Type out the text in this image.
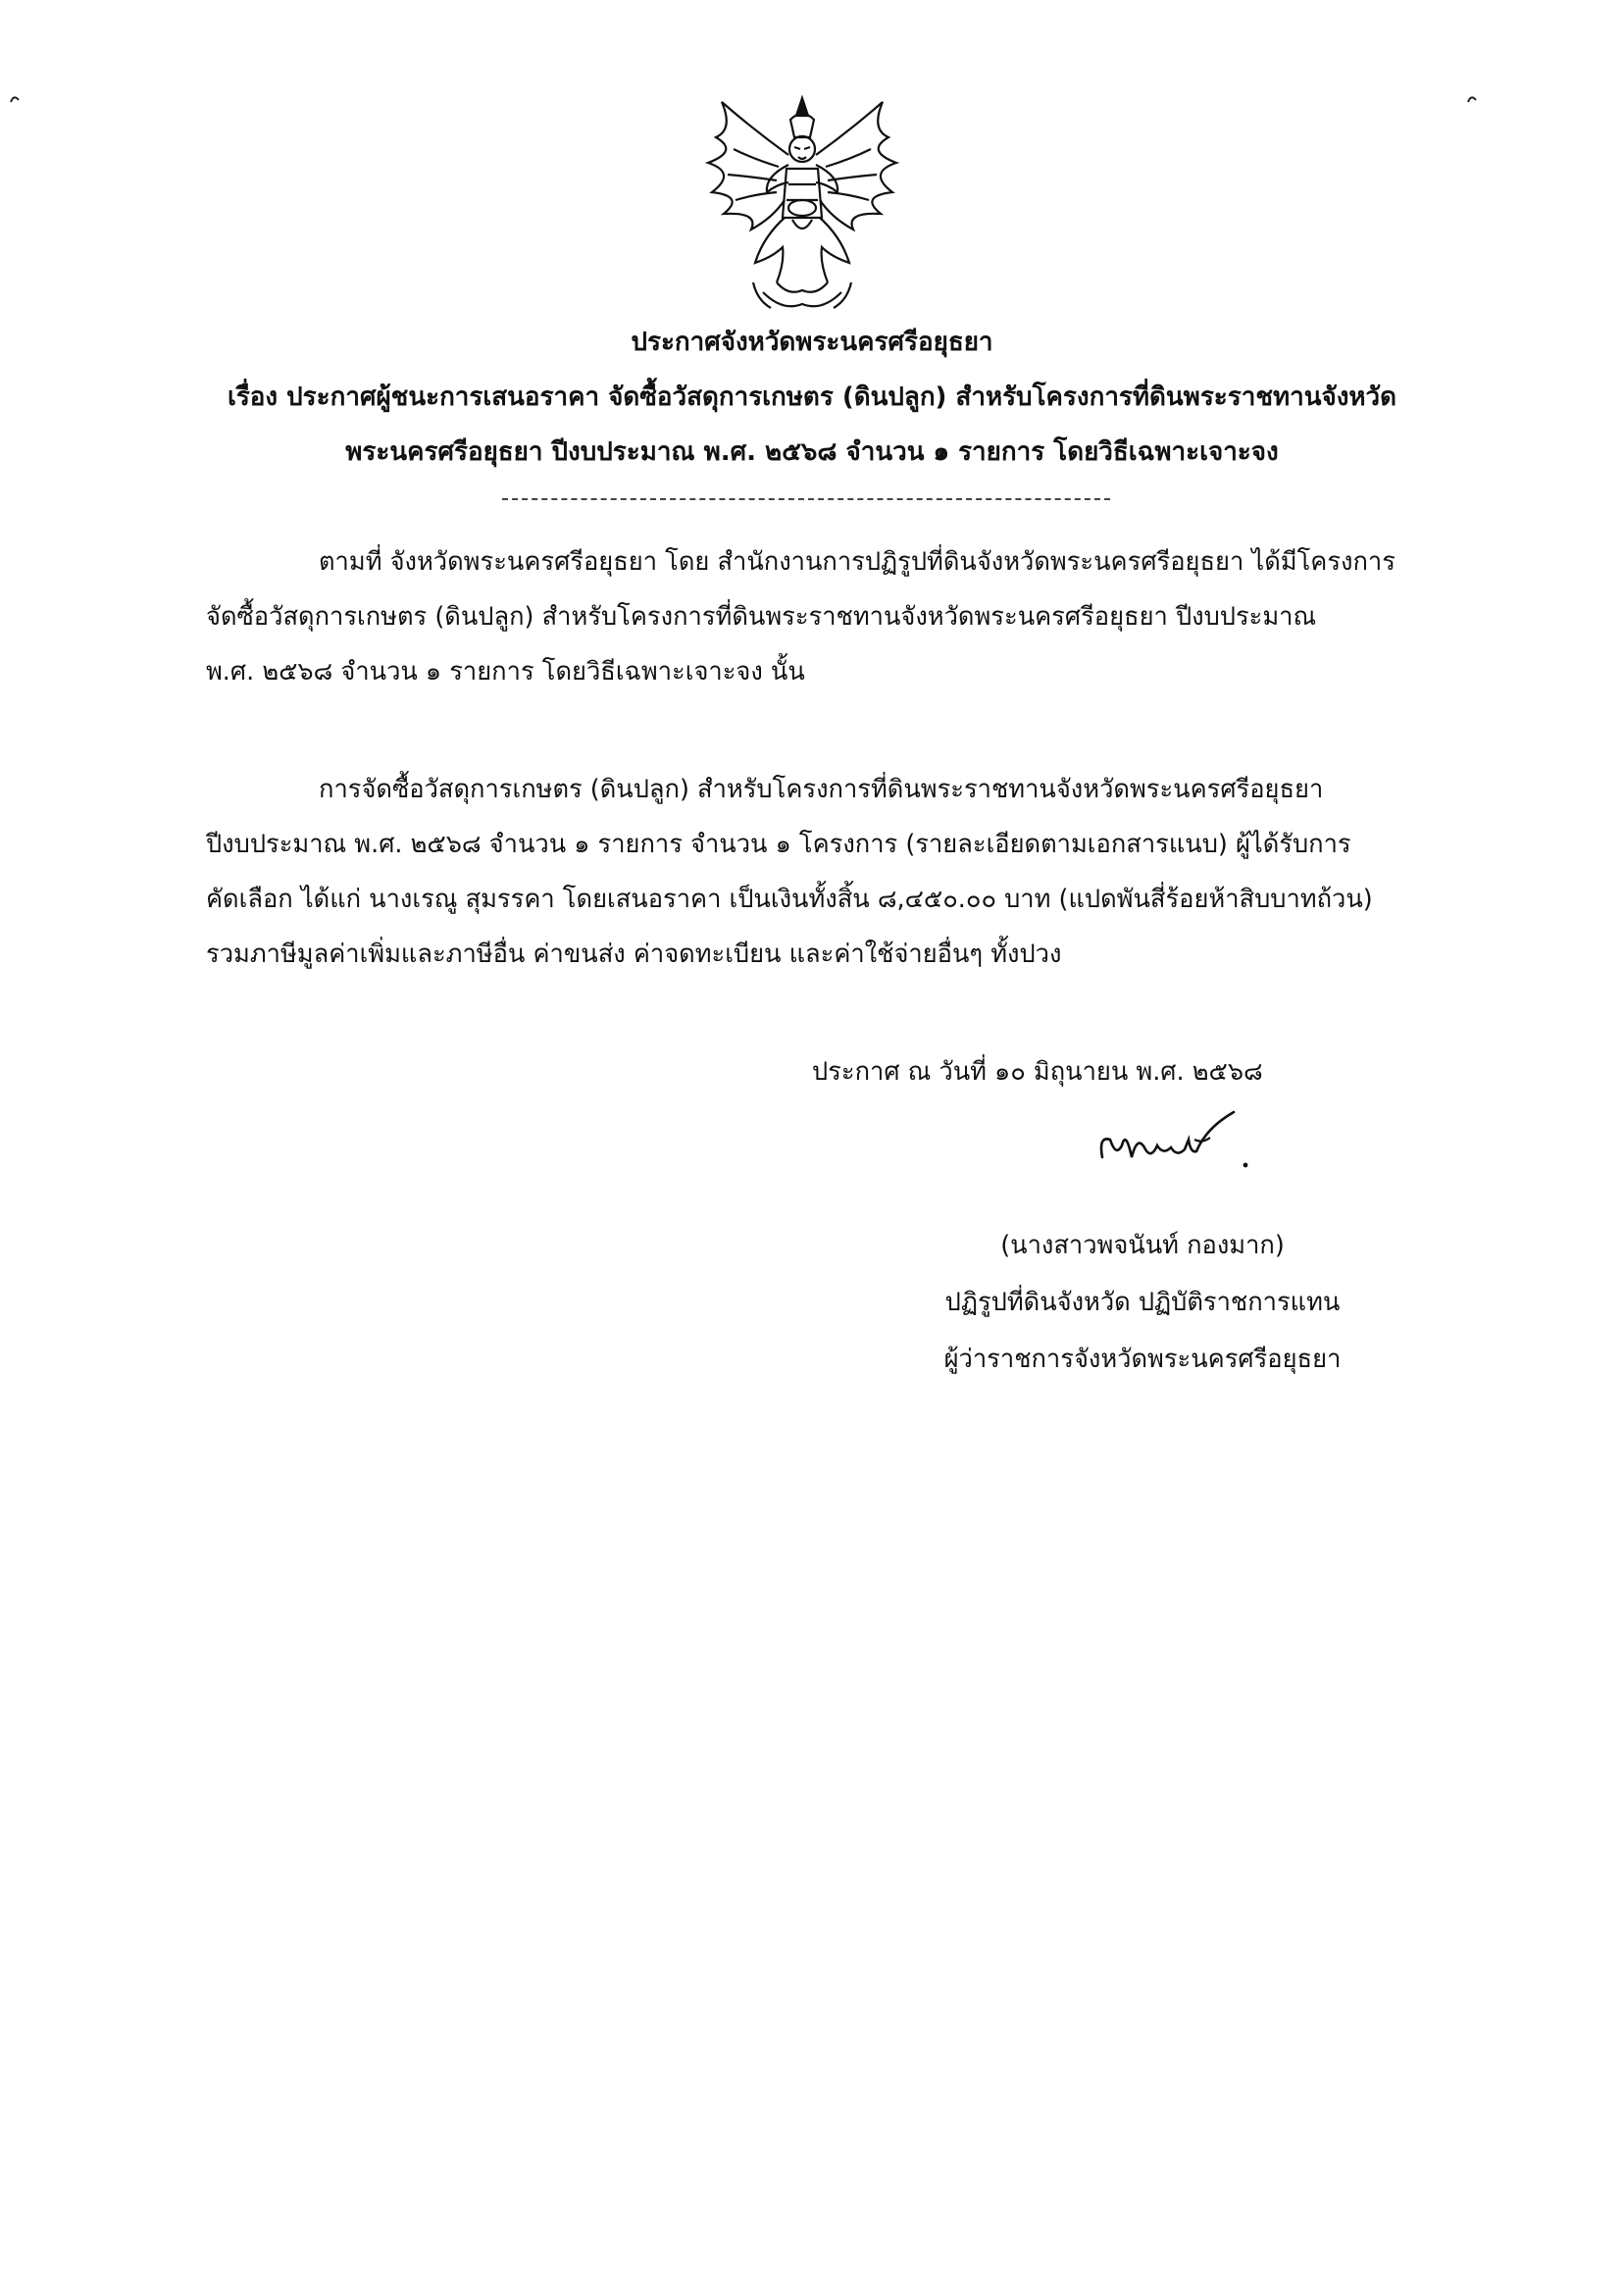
ประกาศจังหวัดพระนครศรีอยุธยา
เรื่อง ประกาศผู้ชนะการเสนอราคา จัดซื้อวัสดุการเกษตร (ดินปลูก) สำหรับโครงการที่ดินพระราชทานจังหวัด
พระนครศรีอยุธยา ปีงบประมาณ พ.ศ. ๒๕๖๘ จำนวน ๑ รายการ โดยวิธีเฉพาะเจาะจง
ตามที่ จังหวัดพระนครศรีอยุธยา โดย สำนักงานการปฏิรูปที่ดินจังหวัดพระนครศรีอยุธยา ได้มีโครงการ
จัดซื้อวัสดุการเกษตร (ดินปลูก) สำหรับโครงการที่ดินพระราชทานจังหวัดพระนครศรีอยุธยา ปีงบประมาณ
พ.ศ. ๒๕๖๘ จำนวน ๑ รายการ โดยวิธีเฉพาะเจาะจง นั้น
การจัดซื้อวัสดุการเกษตร (ดินปลูก) สำหรับโครงการที่ดินพระราชทานจังหวัดพระนครศรีอยุธยา
ปีงบประมาณ พ.ศ. ๒๕๖๘ จำนวน ๑ รายการ จำนวน ๑ โครงการ (รายละเอียดตามเอกสารแนบ) ผู้ได้รับการ
คัดเลือก ได้แก่ นางเรณู สุมรรคา โดยเสนอราคา เป็นเงินทั้งสิ้น ๘,๔๕๐.๐๐ บาท (แปดพันสี่ร้อยห้าสิบบาทถ้วน)
รวมภาษีมูลค่าเพิ่มและภาษีอื่น ค่าขนส่ง ค่าจดทะเบียน และค่าใช้จ่ายอื่นๆ ทั้งปวง
ประกาศ ณ วันที่ ๑๐ มิถุนายน พ.ศ. ๒๕๖๘
(นางสาวพจนันท์ กองมาก)
ปฏิรูปที่ดินจังหวัด ปฏิบัติราชการแทน
ผู้ว่าราชการจังหวัดพระนครศรีอยุธยา
